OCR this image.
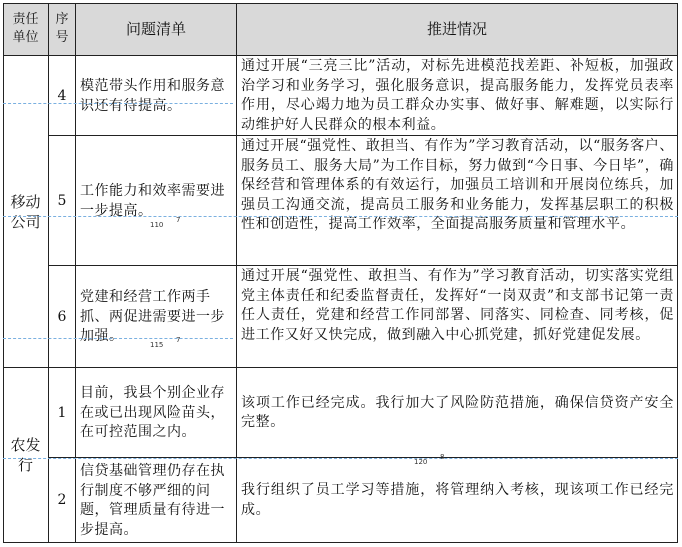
责任单位
序号	问题清单	推进情况
移动公司
农发行
4
模范带头作用和服务意识还有待提高。
通过开展“三亮三比”活动，对标先进模范找差距、补短板，加强政治学习和业务学习，强化服务意识，提高服务能力，发挥党员表率作用，尽心竭力地为员工群众办实事、做好事、解难题，以实际行动维护好人民群众的根本利益。
5
工作能力和效率需要进一步提高。
通过开展“强党性、敢担当、有作为”学习教育活动，以“服务客户、服务员工、服务大局”为工作目标，努力做到“今日事、今日毕”，确保经营和管理体系的有效运行，加强员工培训和开展岗位练兵，加强员工沟通交流，提高员工服务和业务能力，发挥基层职工的积极性和创造性，提高工作效率，全面提高服务质量和管理水平。
6
党建和经营工作两手抓、两促进需要进一步加强。
通过开展“强党性、敢担当、有作为”学习教育活动，切实落实党组党主体责任和纪委监督责任，发挥好“一岗双责”和支部书记第一责任人责任，党建和经营工作同部署、同落实、同检查、同考核，促进工作又好又快完成，做到融入中心抓党建，抓好党建促发展。
1
目前，我县个别企业存在或已出现风险苗头，在可控范围之内。
该项工作已经完成。我行加大了风险防范措施，确保信贷资产安全完整。
2
信贷基础管理仍存在执行制度不够严细的问题，管理质量有待进一步提高。
我行组织了员工学习等措施，将管理纳入考核，现该项工作已经完成。
110
7
115
7
120
8
